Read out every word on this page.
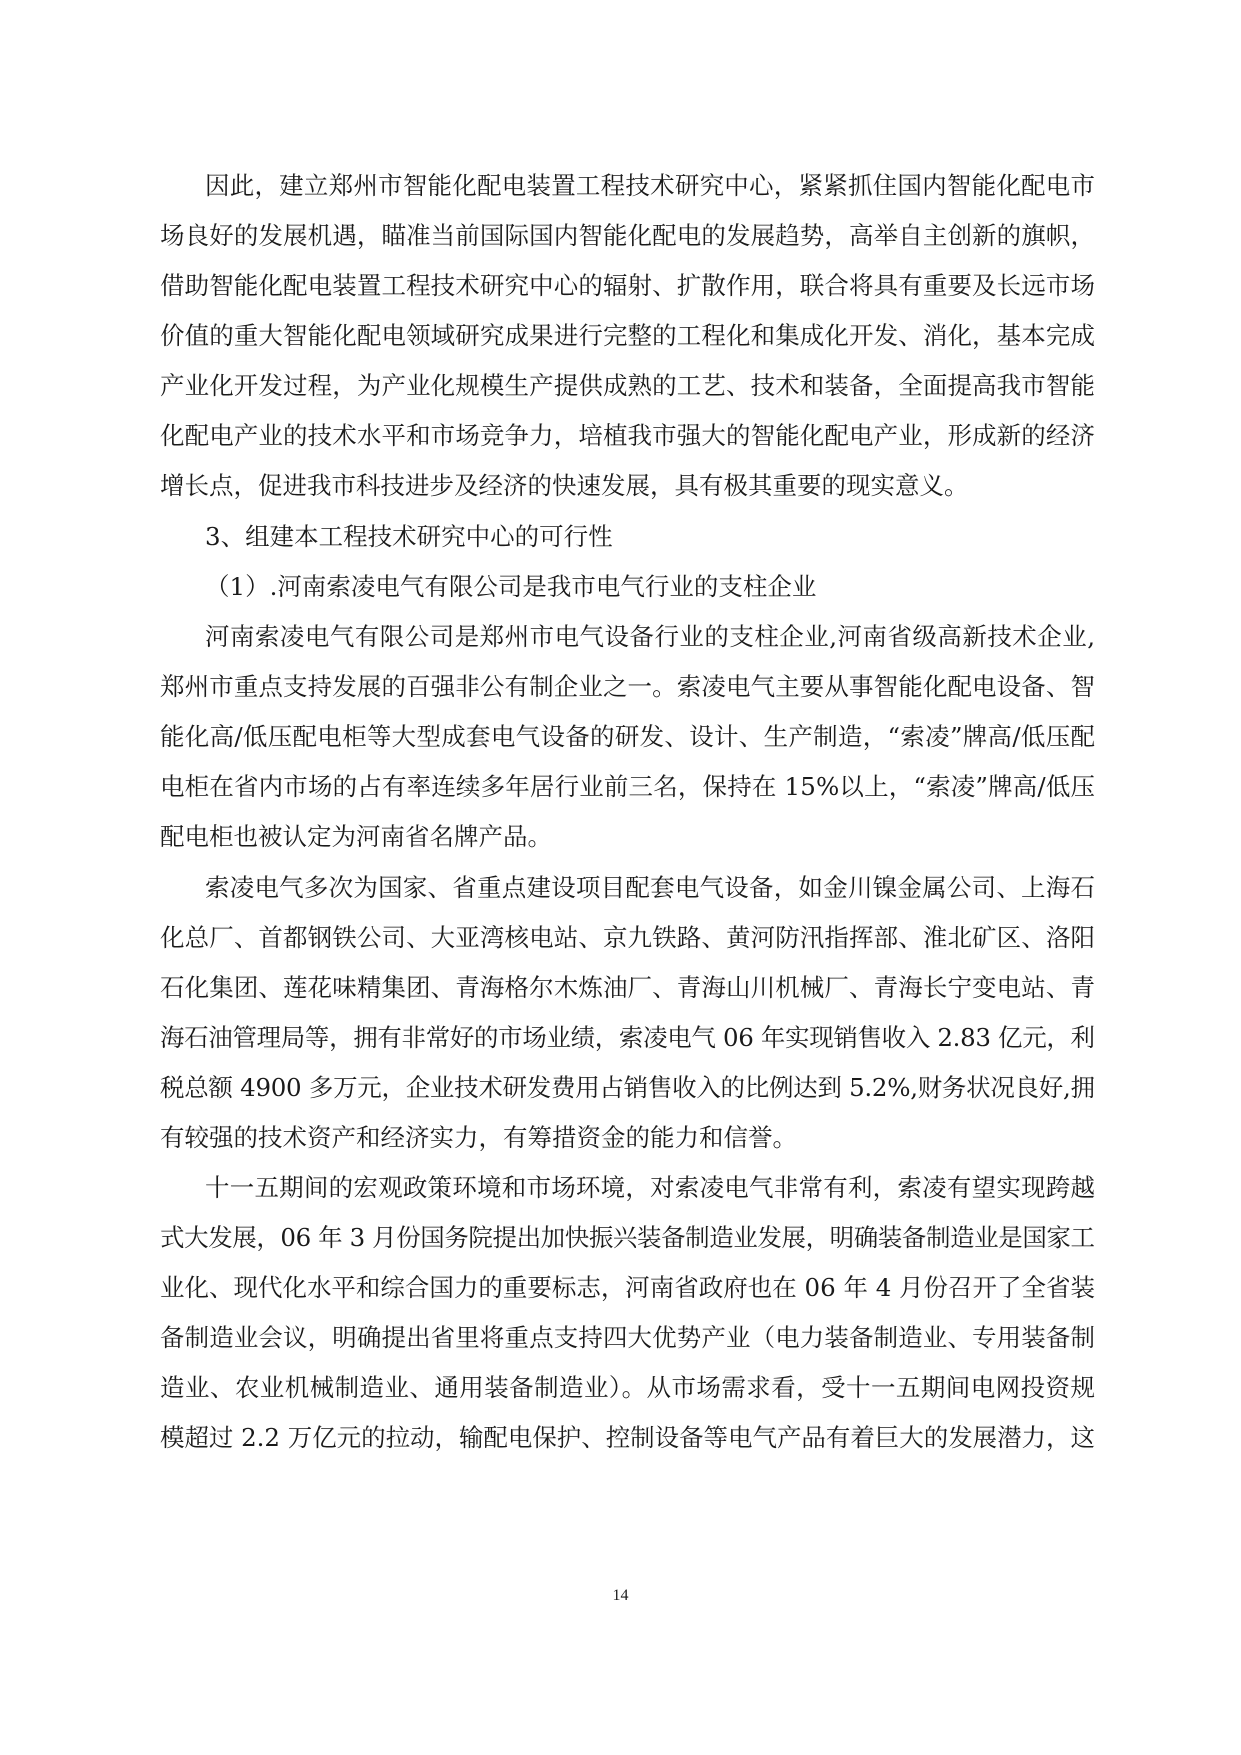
因此，建立郑州市智能化配电装置工程技术研究中心，紧紧抓住国内智能化配电市
场良好的发展机遇，瞄准当前国际国内智能化配电的发展趋势，高举自主创新的旗帜，
借助智能化配电装置工程技术研究中心的辐射、扩散作用，联合将具有重要及长远市场
价值的重大智能化配电领域研究成果进行完整的工程化和集成化开发、消化，基本完成
产业化开发过程，为产业化规模生产提供成熟的工艺、技术和装备，全面提高我市智能
化配电产业的技术水平和市场竞争力，培植我市强大的智能化配电产业，形成新的经济
增长点，促进我市科技进步及经济的快速发展，具有极其重要的现实意义。
3、组建本工程技术研究中心的可行性
（1）.河南索凌电气有限公司是我市电气行业的支柱企业
河南索凌电气有限公司是郑州市电气设备行业的支柱企业,河南省级高新技术企业,
郑州市重点支持发展的百强非公有制企业之一。索凌电气主要从事智能化配电设备、智
能化高/低压配电柜等大型成套电气设备的研发、设计、生产制造，“索凌”牌高/低压配
电柜在省内市场的占有率连续多年居行业前三名，保持在 15%以上，“索凌”牌高/低压
配电柜也被认定为河南省名牌产品。
索凌电气多次为国家、省重点建设项目配套电气设备，如金川镍金属公司、上海石
化总厂、首都钢铁公司、大亚湾核电站、京九铁路、黄河防汛指挥部、淮北矿区、洛阳
石化集团、莲花味精集团、青海格尔木炼油厂、青海山川机械厂、青海长宁变电站、青
海石油管理局等，拥有非常好的市场业绩，索凌电气 06 年实现销售收入 2.83 亿元，利
税总额 4900 多万元，企业技术研发费用占销售收入的比例达到 5.2%,财务状况良好,拥
有较强的技术资产和经济实力，有筹措资金的能力和信誉。
十一五期间的宏观政策环境和市场环境，对索凌电气非常有利，索凌有望实现跨越
式大发展，06 年 3 月份国务院提出加快振兴装备制造业发展，明确装备制造业是国家工
业化、现代化水平和综合国力的重要标志，河南省政府也在 06 年 4 月份召开了全省装
备制造业会议，明确提出省里将重点支持四大优势产业（电力装备制造业、专用装备制
造业、农业机械制造业、通用装备制造业）。从市场需求看，受十一五期间电网投资规
模超过 2.2 万亿元的拉动，输配电保护、控制设备等电气产品有着巨大的发展潜力，这
14
